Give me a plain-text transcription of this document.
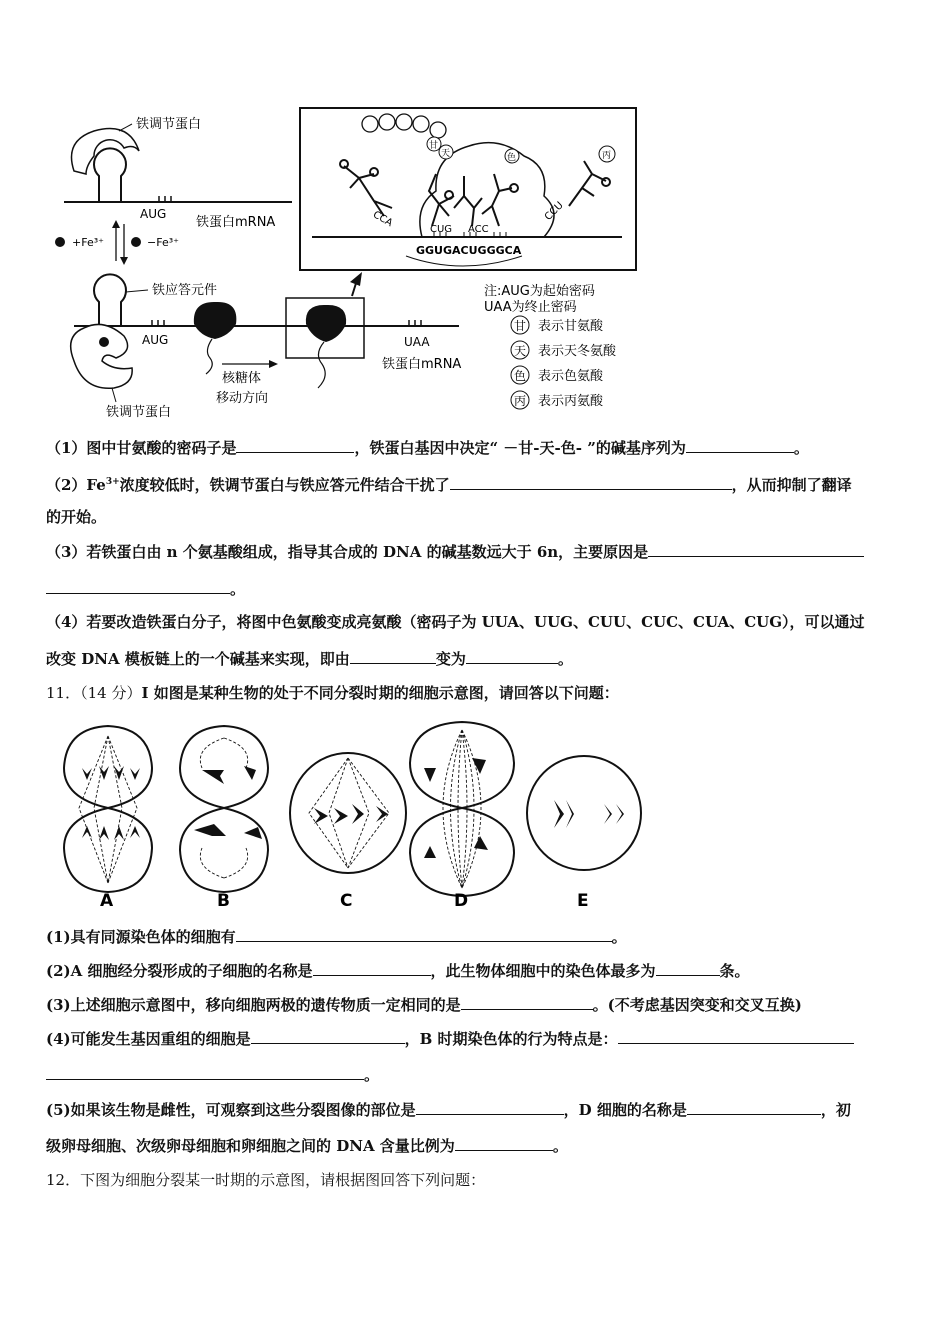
铁调节蛋白
AUG
铁蛋白mRNA
+Fe³⁺	−Fe³⁺
铁应答元件
AUG	UAA
铁蛋白mRNA
核糖体
移动方向
铁调节蛋白
CCA
CUG ACC
CCU
甘
天	色	丙
GGUGACUGGGCA
注:AUG为起始密码
UAA为终止密码
甘 表示甘氨酸
天 表示天冬氨酸
色 表示色氨酸
丙 表示丙氨酸
（1）图中甘氨酸的密码子是	，铁蛋白基因中决定“ －甘-天-色- ”的碱基序列为	。
$(2)Fe^{3+}$浓度较低时，铁调节蛋白与铁应答元件结合干扰了	，从而抑制了翻译
的开始。
（3）若铁蛋白由 n 个氨基酸组成，指导其合成的 DNA 的碱基数远大于 6n，主要原因是
。
（4）若要改造铁蛋白分子，将图中色氨酸变成亮氨酸（密码子为 UUA、UUG、CUU、CUC、CUA、CUG），可以通过
改变 DNA 模板链上的一个碱基来实现，即由	变为	。
11．（14 分）I 如图是某种生物的处于不同分裂时期的细胞示意图，请回答以下问题：
A	B	C	D	E
(1)具有同源染色体的细胞有	。
(2)A 细胞经分裂形成的子细胞的名称是	，此生物体细胞中的染色体最多为	条。
(3)上述细胞示意图中，移向细胞两极的遗传物质一定相同的是	。(不考虑基因突变和交叉互换)
(4)可能发生基因重组的细胞是	，B 时期染色体的行为特点是：
。
(5)如果该生物是雌性，可观察到这些分裂图像的部位是	，D 细胞的名称是	，初
级卵母细胞、次级卵母细胞和卵细胞之间的 DNA 含量比例为	。
12．下图为细胞分裂某一时期的示意图，请根据图回答下列问题：
